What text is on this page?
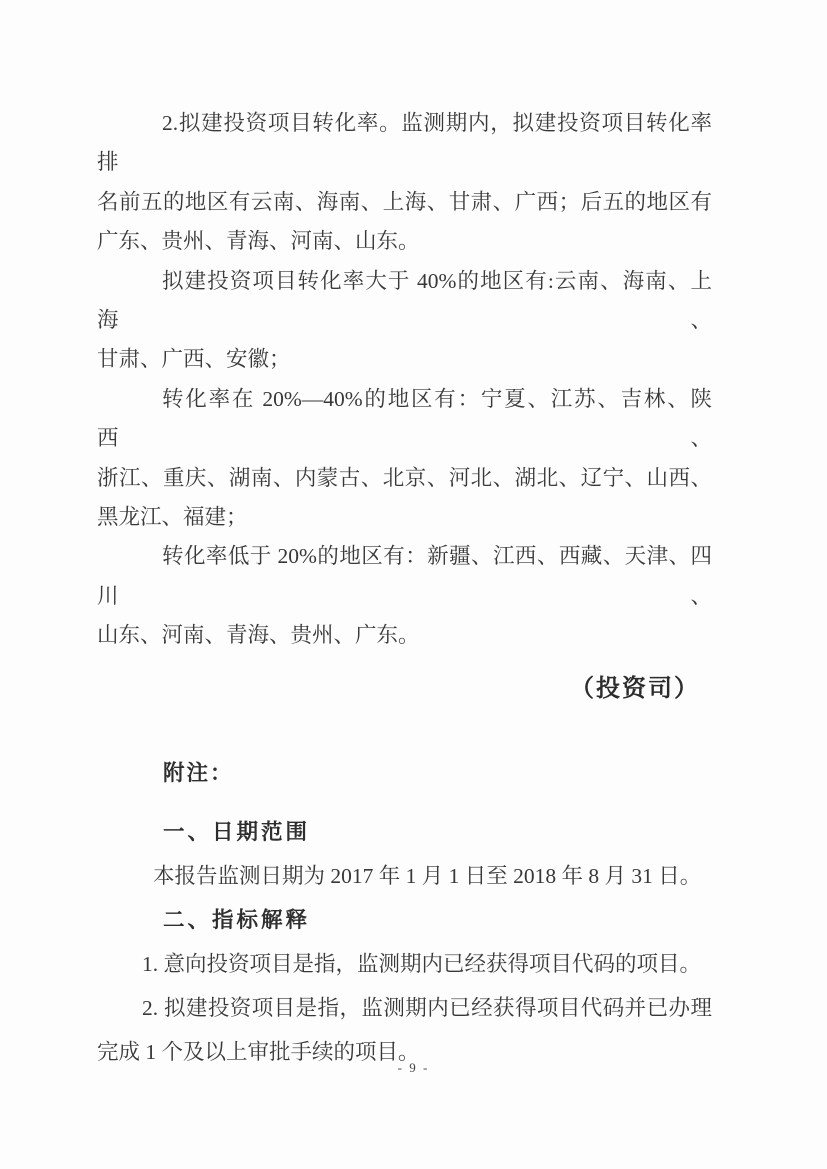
2.拟建投资项目转化率。监测期内，拟建投资项目转化率排
名前五的地区有云南、海南、上海、甘肃、广西；后五的地区有
广东、贵州、青海、河南、山东。
拟建投资项目转化率大于 40%的地区有:云南、海南、上海、
甘肃、广西、安徽；
转化率在 20%—40%的地区有：宁夏、江苏、吉林、陕西、
浙江、重庆、湖南、内蒙古、北京、河北、湖北、辽宁、山西、
黑龙江、福建；
转化率低于 20%的地区有：新疆、江西、西藏、天津、四川、
山东、河南、青海、贵州、广东。
（投资司）
附注：
一、日期范围
本报告监测日期为 2017 年 1 月 1 日至 2018 年 8 月 31 日。
二、指标解释
1. 意向投资项目是指，监测期内已经获得项目代码的项目。
2. 拟建投资项目是指，监测期内已经获得项目代码并已办理
完成 1 个及以上审批手续的项目。
- 9 -
